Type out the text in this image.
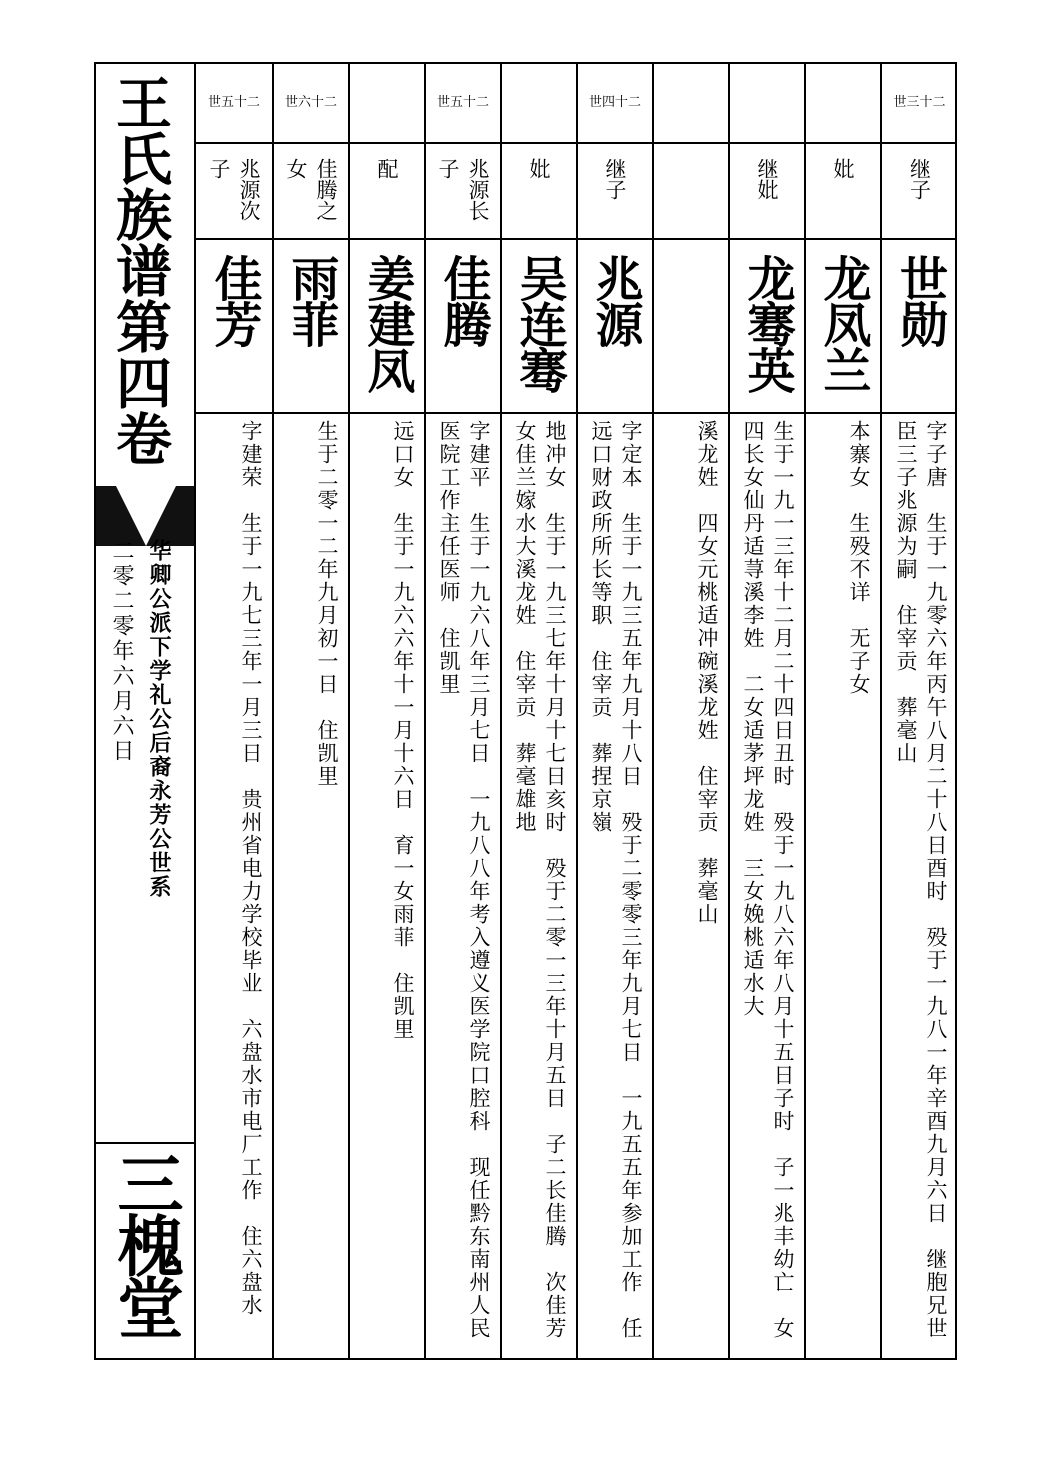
王氏族谱第四卷
华卿公派下学礼公后裔永芳公世系
二零二零年六月六日
三槐堂
世五十二
兆源次子
佳芳
字建荣　生于一九七三年一月三日　贵州省电力学校毕业　六盘水市电厂工作　住六盘水
世六十二
佳腾之女
雨菲
生于二零一二年九月初一日　住凯里
配
姜建凤
远口女　生于一九六六年十一月十六日　育一女雨菲　住凯里
世五十二
兆源长子
佳腾
字建平　生于一九六八年三月七日　一九八八年考入遵义医学院口腔科　现任黔东南州人民医院工作主任医师　住凯里
妣
吴连骞
地冲女　生于一九三七年十月十七日亥时　殁于二零一三年十月五日　子二长佳腾　次佳芳　女佳兰嫁水大溪龙姓　住宰贡　葬毫雄地
世四十二
继子
兆源
字定本　生于一九三五年九月十八日　殁于二零零三年九月七日　一九五五年参加工作　任远口财政所所长等职　住宰贡　葬捏京嶺	溪龙姓　四女元桃适冲碗溪龙姓　住宰贡　葬毫山
继妣
龙骞英
生于一九一三年十二月二十四日丑时　殁于一九八六年八月十五日子时　子一兆丰幼亡　女四长女仙丹适荨溪李姓　二女适茅坪龙姓　三女娩桃适水大
妣
龙凤兰
本寨女　生殁不详　无子女
世三十二
继子
世勋
字子唐　生于一九零六年丙午八月二十八日酉时　殁于一九八一年辛酉九月六日　继胞兄世臣三子兆源为嗣　住宰贡　葬毫山
